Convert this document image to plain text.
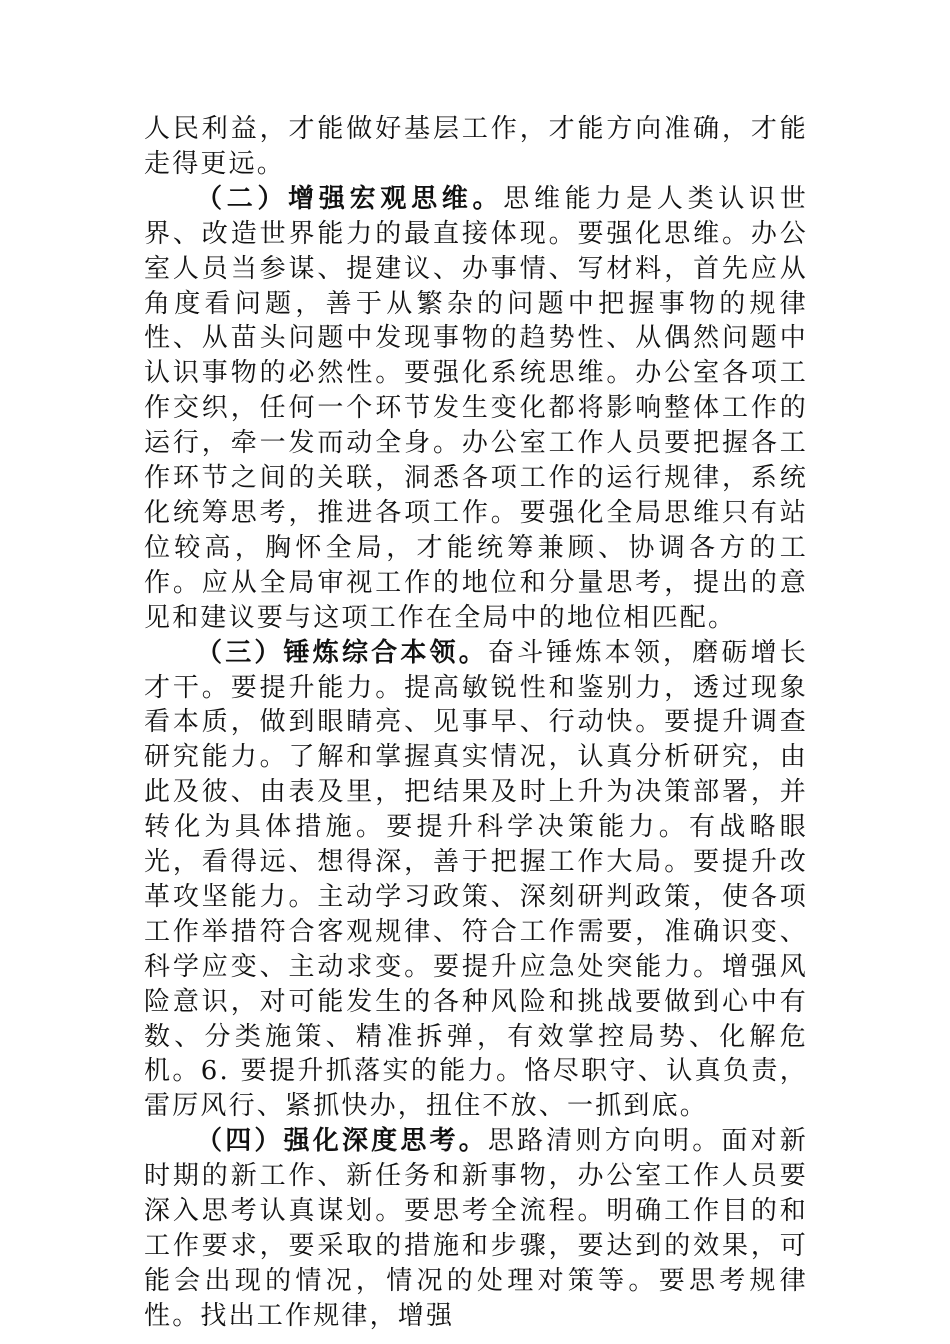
人民利益，才能做好基层工作，才能方向准确，才能走得更远。

（二）增强宏观思维。思维能力是人类认识世界、改造世界能力的最直接体现。要强化思维。办公室人员当参谋、提建议、办事情、写材料，首先应从角度看问题，善于从繁杂的问题中把握事物的规律性、从苗头问题中发现事物的趋势性、从偶然问题中认识事物的必然性。要强化系统思维。办公室各项工作交织，任何一个环节发生变化都将影响整体工作的运行，牵一发而动全身。办公室工作人员要把握各工作环节之间的关联，洞悉各项工作的运行规律，系统化统筹思考，推进各项工作。要强化全局思维只有站位较高，胸怀全局，才能统筹兼顾、协调各方的工作。应从全局审视工作的地位和分量思考，提出的意见和建议要与这项工作在全局中的地位相匹配。

（三）锤炼综合本领。奋斗锤炼本领，磨砺增长才干。要提升能力。提高敏锐性和鉴别力，透过现象看本质，做到眼睛亮、见事早、行动快。要提升调查研究能力。了解和掌握真实情况，认真分析研究，由此及彼、由表及里，把结果及时上升为决策部署，并转化为具体措施。要提升科学决策能力。有战略眼光，看得远、想得深，善于把握工作大局。要提升改革攻坚能力。主动学习政策、深刻研判政策，使各项工作举措符合客观规律、符合工作需要，准确识变、科学应变、主动求变。要提升应急处突能力。增强风险意识，对可能发生的各种风险和挑战要做到心中有数、分类施策、精准拆弹，有效掌控局势、化解危机。6. 要提升抓落实的能力。恪尽职守、认真负责，雷厉风行、紧抓快办，扭住不放、一抓到底。

（四）强化深度思考。思路清则方向明。面对新时期的新工作、新任务和新事物，办公室工作人员要深入思考认真谋划。要思考全流程。明确工作目的和工作要求，要采取的措施和步骤，要达到的效果，可能会出现的情况，情况的处理对策等。要思考规律性。找出工作规律，增强
